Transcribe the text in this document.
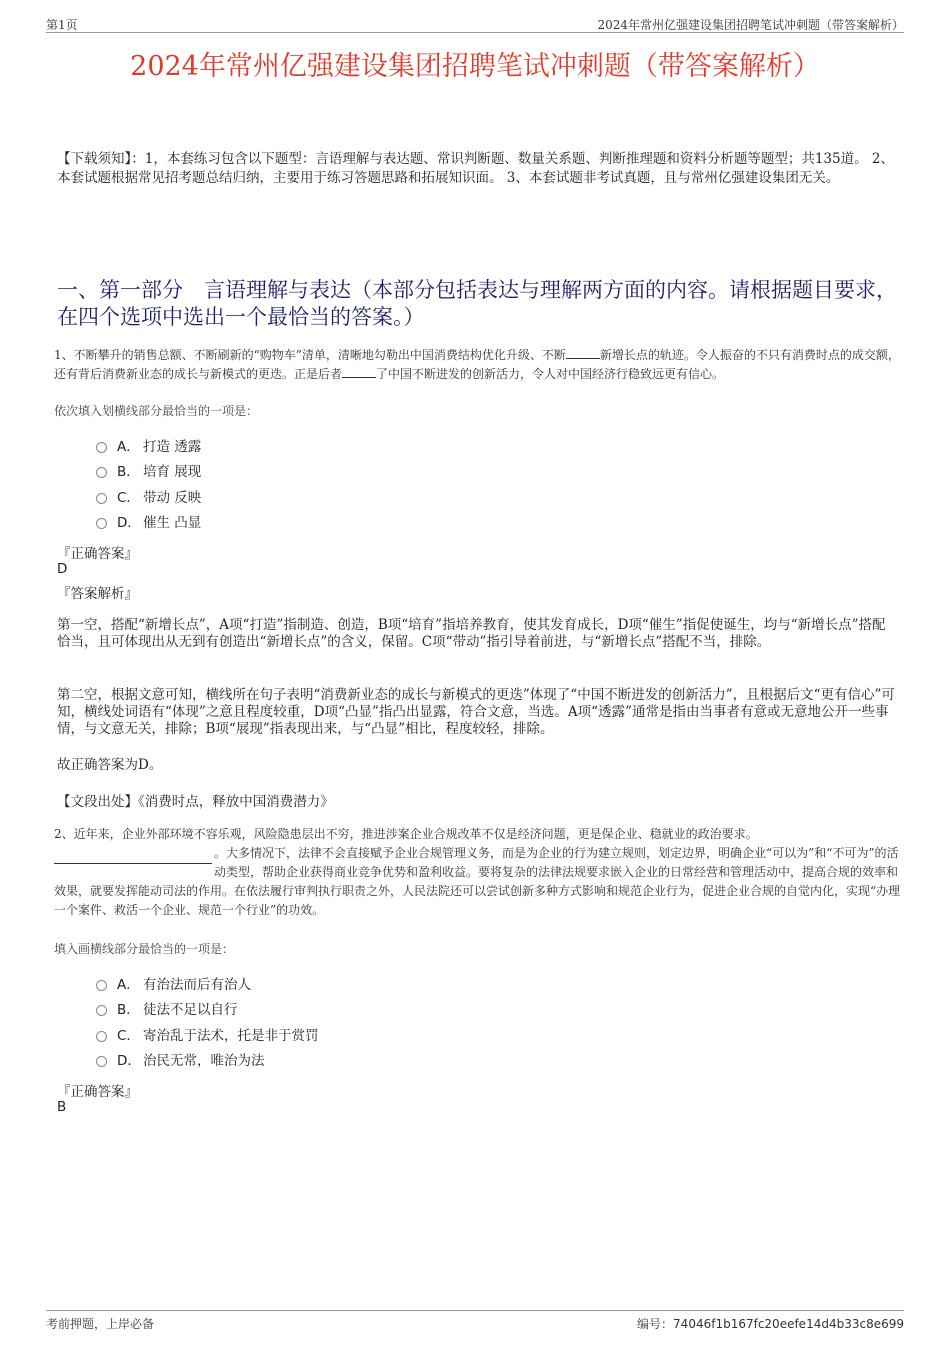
第1页	2024年常州亿强建设集团招聘笔试冲刺题（带答案解析）
2024年常州亿强建设集团招聘笔试冲刺题（带答案解析）
【下载须知】：1，本套练习包含以下题型：言语理解与表达题、常识判断题、数量关系题、判断推理题和资料分析题等题型；共135道。 2、本套试题根据常见招考题总结归纳，主要用于练习答题思路和拓展知识面。 3、本套试题非考试真题，且与常州亿强建设集团无关。
一、第一部分　言语理解与表达（本部分包括表达与理解两方面的内容。请根据题目要求，在四个选项中选出一个最恰当的答案。）
1、不断攀升的销售总额、不断刷新的“购物车”清单，清晰地勾勒出中国消费结构优化升级、不断	新增长点的轨迹。令人振奋的不只有消费时点的成交额，还有背后消费新业态的成长与新模式的更迭。正是后者	了中国不断进发的创新活力，令人对中国经济行稳致远更有信心。
依次填入划横线部分最恰当的一项是：
A． 打造 透露
B． 培育 展现
C． 带动 反映
D． 催生 凸显
『正确答案』
D
『答案解析』
第一空，搭配“新增长点”，A项“打造”指制造、创造，B项“培育”指培养教育，使其发育成长，D项“催生”指促使诞生，均与“新增长点”搭配恰当，且可体现出从无到有创造出“新增长点”的含义，保留。C项“带动”指引导着前进，与“新增长点”搭配不当，排除。
第二空，根据文意可知，横线所在句子表明“消费新业态的成长与新模式的更迭”体现了“中国不断进发的创新活力”，且根据后文“更有信心”可知，横线处词语有“体现”之意且程度较重，D项“凸显”指凸出显露，符合文意，当选。A项“透露”通常是指由当事者有意或无意地公开一些事情，与文意无关，排除；B项“展现”指表现出来，与“凸显”相比，程度较轻，排除。
故正确答案为D。
【文段出处】《消费时点，释放中国消费潜力》
2、近年来，企业外部环境不容乐观，风险隐患层出不穷，推进涉案企业合规改革不仅是经济问题，更是保企业、稳就业的政治要求。
。大多情况下，法律不会直接赋予企业合规管理义务，而是为企业的行为建立规则，划定边界，明确企业“可以为”和“不可为”的活动类型，帮助企业获得商业竞争优势和盈利收益。要将复杂的法律法规要求嵌入企业的日常经营和管理活动中，提高合规的效率和效果，就要发挥能动司法的作用。在依法履行审判执行职责之外，人民法院还可以尝试创新多种方式影响和规范企业行为，促进企业合规的自觉内化，实现“办理一个案件、救活一个企业、规范一个行业”的功效。
填入画横线部分最恰当的一项是：
A． 有治法而后有治人
B． 徒法不足以自行
C． 寄治乱于法术，托是非于赏罚
D． 治民无常，唯治为法
『正确答案』
B
考前押题，上岸必备	编号：74046f1b167fc20eefe14d4b33c8e699
